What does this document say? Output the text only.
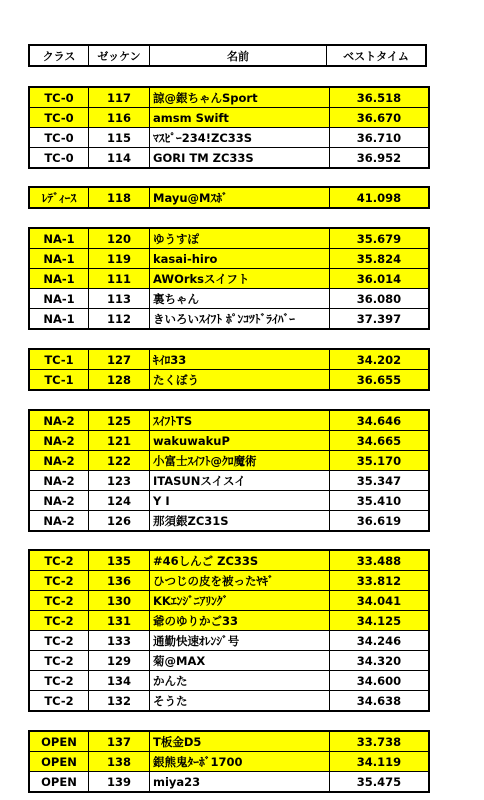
クラス	ゼッケン	名前	ベストタイム
TC-0	117	諒@銀ちゃんSport	36.518
TC-0	116	amsm Swift	36.670
TC-0	115	ﾏｽﾋﾟｰ234!ZC33S	36.710
TC-0	114	GORI TM ZC33S	36.952
ﾚﾃﾞｨｰｽ	118	Mayu@Mｽﾎﾞ	41.098
NA-1	120	ゆうすぽ	35.679
NA-1	119	kasai-hiro	35.824
NA-1	111	AWOrksスイフト	36.014
NA-1	113	裏ちゃん	36.080
NA-1	112	きいろいｽｲﾌﾄ ﾎﾟﾝｺﾂﾄﾞﾗｲﾊﾞｰ	37.397
TC-1	127	ｷｲﾛ33	34.202
TC-1	128	たくぼう	36.655
NA-2	125	ｽｲﾌﾄTS	34.646
NA-2	121	wakuwakuP	34.665
NA-2	122	小富士ｽｲﾌﾄ@ｸﾛ魔術	35.170
NA-2	123	ITASUNスイスイ	35.347
NA-2	124	Y I	35.410
NA-2	126	那須銀ZC31S	36.619
TC-2	135	#46しんご ZC33S	33.488
TC-2	136	ひつじの皮を被ったﾔｷﾞ	33.812
TC-2	130	KKｴﾝｼﾞﾆｱﾘﾝｸﾞ	34.041
TC-2	131	爺のゆりかご33	34.125
TC-2	133	通勤快速ｵﾚﾝｼﾞ号	34.246
TC-2	129	菊@MAX	34.320
TC-2	134	かんた	34.600
TC-2	132	そうた	34.638
OPEN	137	T板金D5	33.738
OPEN	138	銀熊鬼ﾀｰﾎﾞ1700	34.119
OPEN	139	miya23	35.475
